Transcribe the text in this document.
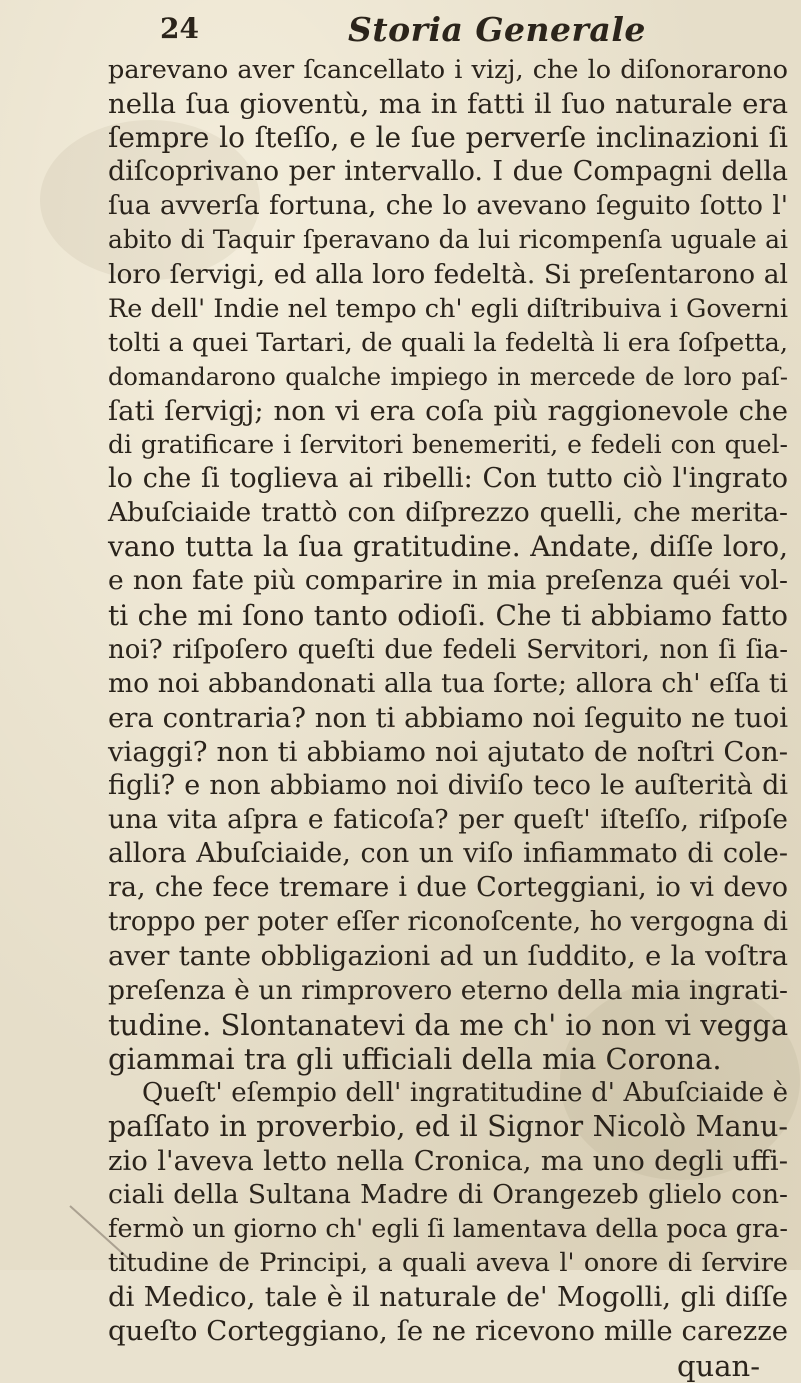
24	Storia Generale
parevano aver ſcancellato i vizj, che lo diſonorarono
nella ſua gioventù, ma in fatti il ſuo naturale era
ſempre lo ſteſſo, e le ſue perverſe inclinazioni ſi
diſcoprivano per intervallo. I due Compagni della
ſua avverſa fortuna, che lo avevano ſeguito ſotto l'
abito di Taquir ſperavano da lui ricompenſa uguale ai
loro ſervigi, ed alla loro fedeltà. Si preſentarono al
Re dell' Indie nel tempo ch' egli diſtribuiva i Governi
tolti a quei Tartari, de quali la fedeltà li era ſoſpetta,
domandarono qualche impiego in mercede de loro paſ-
ſati ſervigj; non vi era coſa più raggionevole che
di gratificare i ſervitori benemeriti, e fedeli con quel-
lo che ſi toglieva ai ribelli: Con tutto ciò l'ingrato
Abuſciaide trattò con diſprezzo quelli, che merita-
vano tutta la ſua gratitudine. Andate, diſſe loro,
e non fate più comparire in mia preſenza quéi vol-
ti che mi ſono tanto odioſi. Che ti abbiamo fatto
noi? riſpoſero queſti due fedeli Servitori, non ſi ſia-
mo noi abbandonati alla tua ſorte; allora ch' eſſa ti
era contraria? non ti abbiamo noi ſeguito ne tuoi
viaggi? non ti abbiamo noi ajutato de noſtri Con-
figli? e non abbiamo noi diviſo teco le auſterità di
una vita aſpra e faticoſa? per queſt' iſteſſo, riſpoſe
allora Abuſciaide, con un viſo infiammato di cole-
ra, che fece tremare i due Corteggiani, io vi devo
troppo per poter eſſer riconoſcente, ho vergogna di
aver tante obbligazioni ad un ſuddito, e la voſtra
preſenza è un rimprovero eterno della mia ingrati-
tudine. Slontanatevi da me ch' io non vi vegga
giammai tra gli ufficiali della mia Corona.
Queſt' eſempio dell' ingratitudine d' Abuſciaide è
paſſato in proverbio, ed il Signor Nicolò Manu-
zio l'aveva letto nella Cronica, ma uno degli uffi-
ciali della Sultana Madre di Orangezeb glielo con-
fermò un giorno ch' egli ſi lamentava della poca gra-
titudine de Principi, a quali aveva l' onore di ſervire
di Medico, tale è il naturale de' Mogolli, gli diſſe
queſto Corteggiano, ſe ne ricevono mille carezze
quan-
